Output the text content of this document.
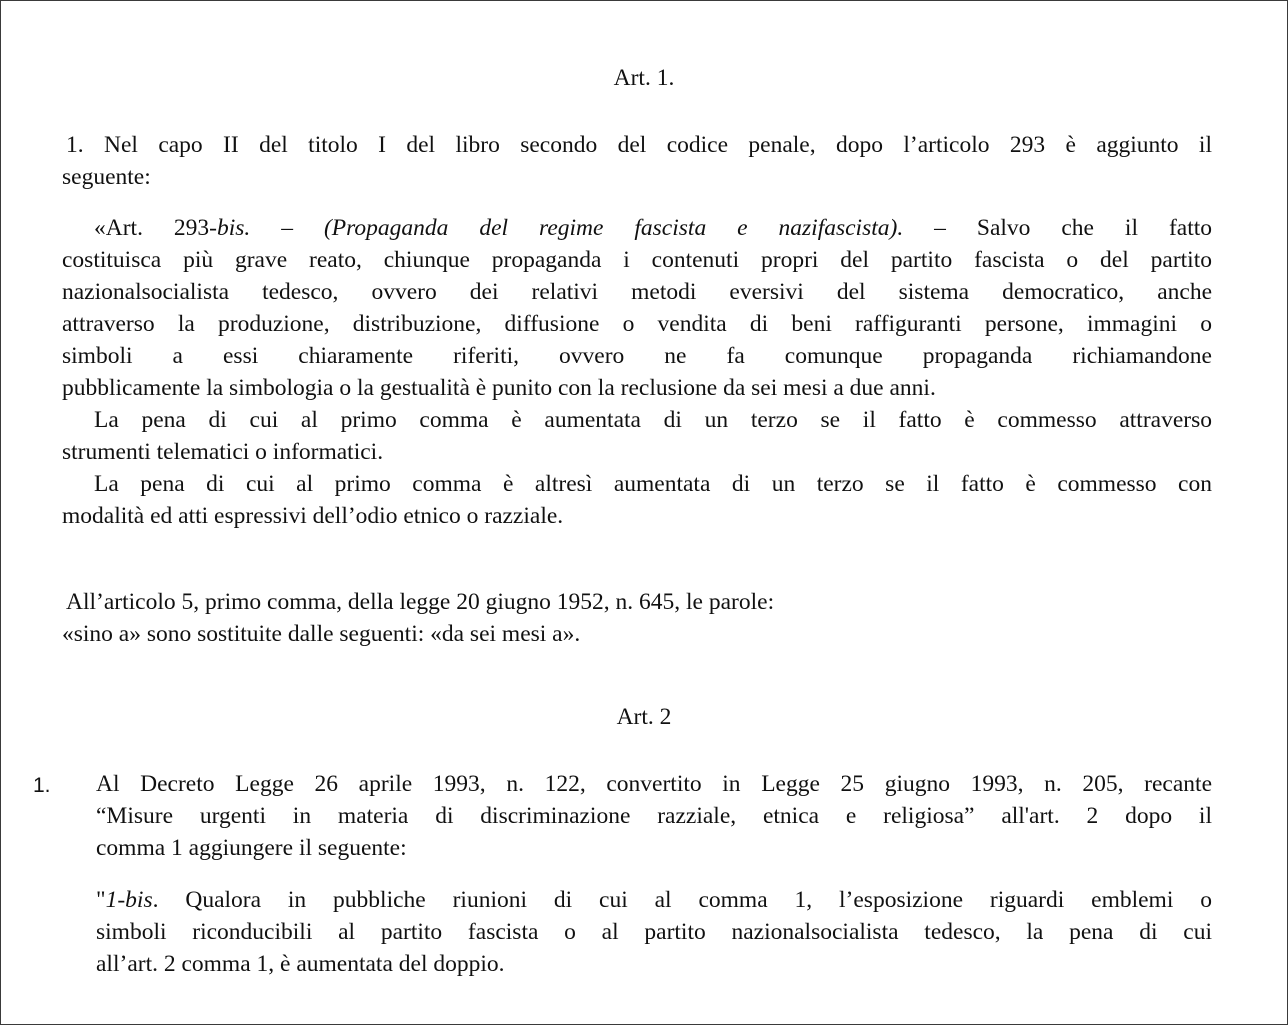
Art. 1.
1. Nel capo II del titolo I del libro secondo del codice penale, dopo l’articolo 293 è aggiunto il
seguente:
«Art. 293-bis. – (Propaganda del regime fascista e nazifascista). – Salvo che il fatto
costituisca più grave reato, chiunque propaganda i contenuti propri del partito fascista o del partito
nazionalsocialista tedesco, ovvero dei relativi metodi eversivi del sistema democratico, anche
attraverso la produzione, distribuzione, diffusione o vendita di beni raffiguranti persone, immagini o
simboli a essi chiaramente riferiti, ovvero ne fa comunque propaganda richiamandone
pubblicamente la simbologia o la gestualità è punito con la reclusione da sei mesi a due anni.
La pena di cui al primo comma è aumentata di un terzo se il fatto è commesso attraverso
strumenti telematici o informatici.
La pena di cui al primo comma è altresì aumentata di un terzo se il fatto è commesso con
modalità ed atti espressivi dell’odio etnico o razziale.
All’articolo 5, primo comma, della legge 20 giugno 1952, n. 645, le parole:
«sino a» sono sostituite dalle seguenti: «da sei mesi a».
Art. 2
1. Al Decreto Legge 26 aprile 1993, n. 122, convertito in Legge 25 giugno 1993, n. 205, recante
“Misure urgenti in materia di discriminazione razziale, etnica e religiosa” all'art. 2 dopo il
comma 1 aggiungere il seguente:
"1-bis. Qualora in pubbliche riunioni di cui al comma 1, l’esposizione riguardi emblemi o
simboli riconducibili al partito fascista o al partito nazionalsocialista tedesco, la pena di cui
all’art. 2 comma 1, è aumentata del doppio.
